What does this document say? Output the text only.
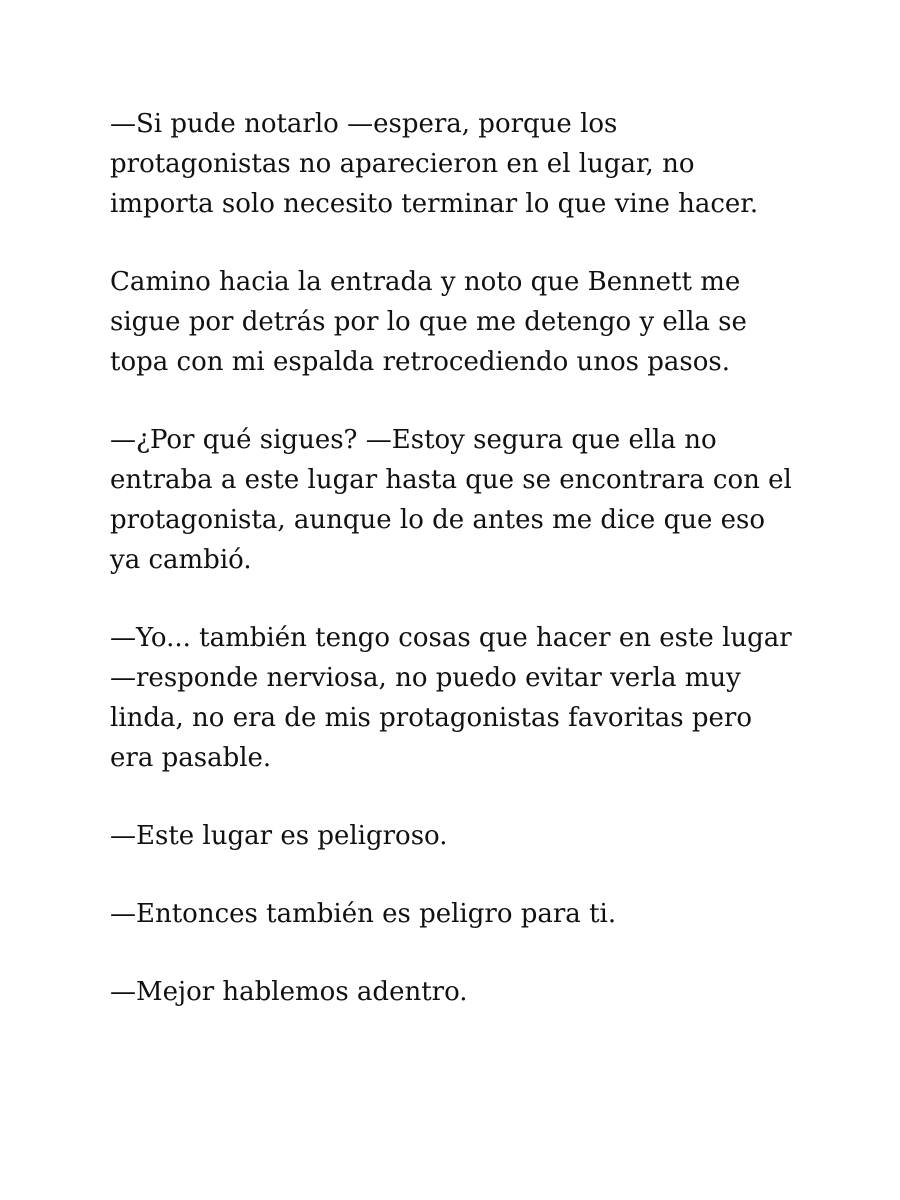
—Si pude notarlo —espera, porque los
protagonistas no aparecieron en el lugar, no
importa solo necesito terminar lo que vine hacer.

Camino hacia la entrada y noto que Bennett me
sigue por detrás por lo que me detengo y ella se
topa con mi espalda retrocediendo unos pasos.

—¿Por qué sigues? —Estoy segura que ella no
entraba a este lugar hasta que se encontrara con el
protagonista, aunque lo de antes me dice que eso
ya cambió.

—Yo... también tengo cosas que hacer en este lugar
—responde nerviosa, no puedo evitar verla muy
linda, no era de mis protagonistas favoritas pero
era pasable.

—Este lugar es peligroso.

—Entonces también es peligro para ti.

—Mejor hablemos adentro.
